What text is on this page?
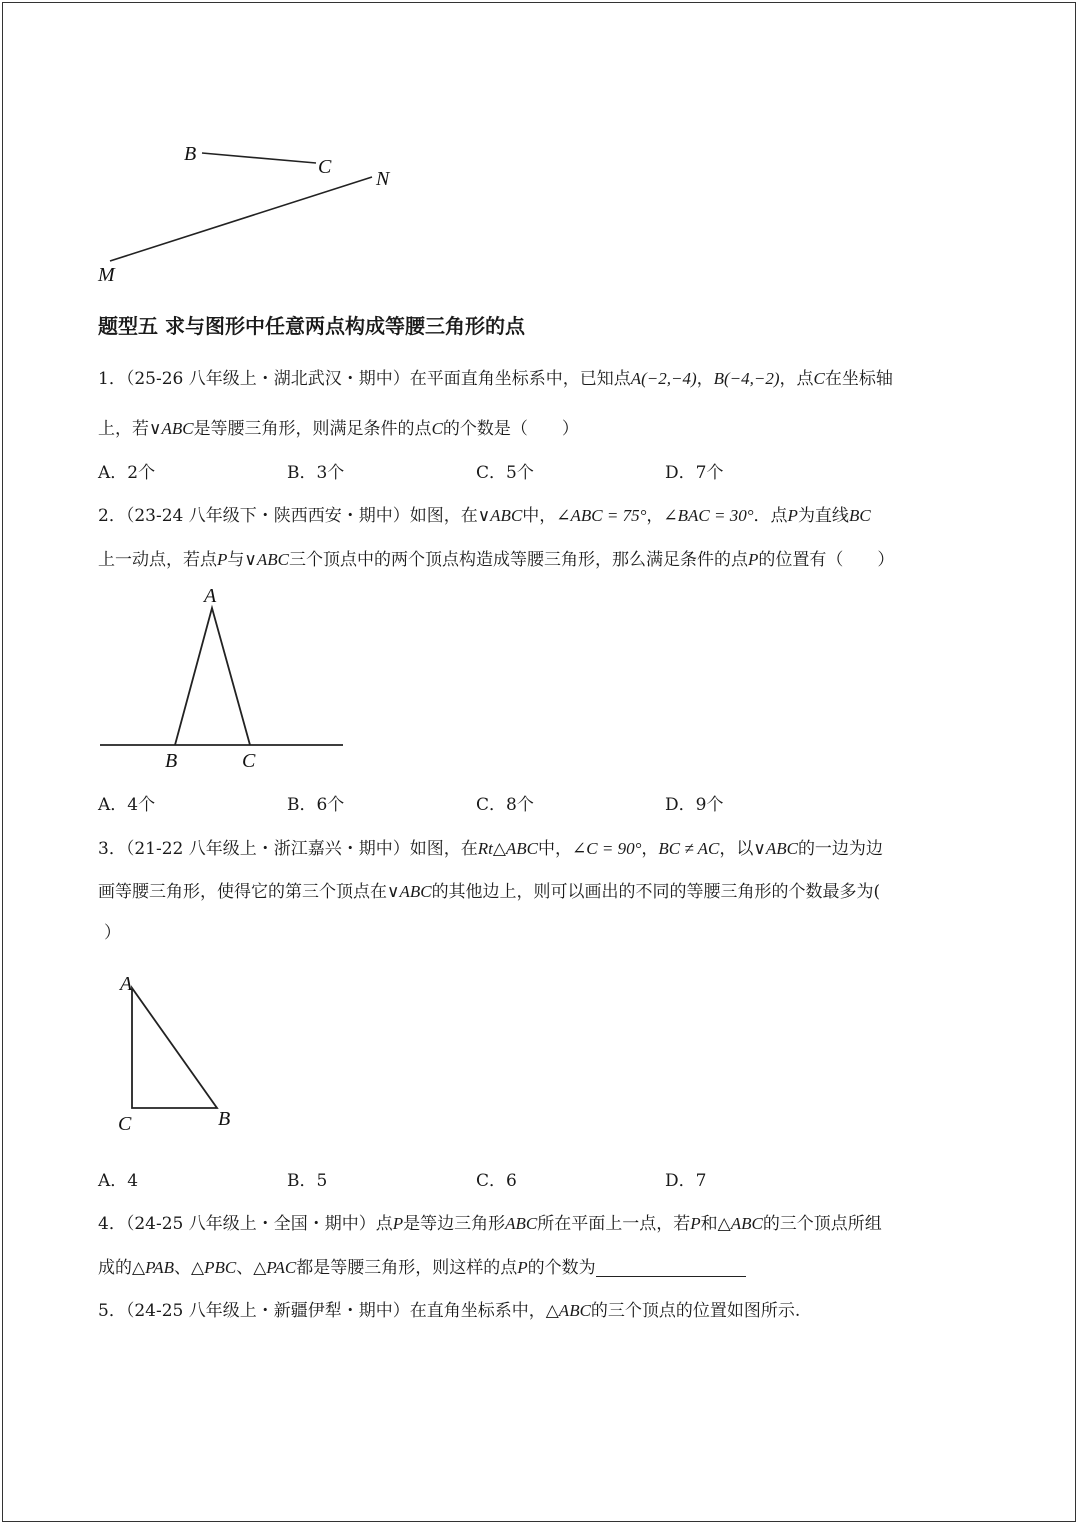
B
C
N
M
题型五 求与图形中任意两点构成等腰三角形的点
1．（25-26 八年级上・湖北武汉・期中）在平面直角坐标系中，已知点A(−2,−4)，B(−4,−2)，点C在坐标轴
上，若∨ABC是等腰三角形，则满足条件的点C的个数是（　　）
A．2个	B．3个	C．5个	D．7个
2．（23-24 八年级下・陕西西安・期中）如图，在∨ABC中，∠ABC = 75°，∠BAC = 30°．点P为直线BC
上一动点，若点P与∨ABC三个顶点中的两个顶点构造成等腰三角形，那么满足条件的点P的位置有（　　）
A
B	C
A．4个	B．6个	C．8个	D．9个
3．（21-22 八年级上・浙江嘉兴・期中）如图，在Rt△ABC中，∠C = 90°，BC ≠ AC，以∨ABC的一边为边
画等腰三角形，使得它的第三个顶点在∨ABC的其他边上，则可以画出的不同的等腰三角形的个数最多为(
）
A
C	B
A．4	B．5	C．6	D．7
4．（24-25 八年级上・全国・期中）点P是等边三角形ABC所在平面上一点，若P和△ABC的三个顶点所组
成的△PAB、△PBC、△PAC都是等腰三角形，则这样的点P的个数为
5．（24-25 八年级上・新疆伊犁・期中）在直角坐标系中，△ABC的三个顶点的位置如图所示.
